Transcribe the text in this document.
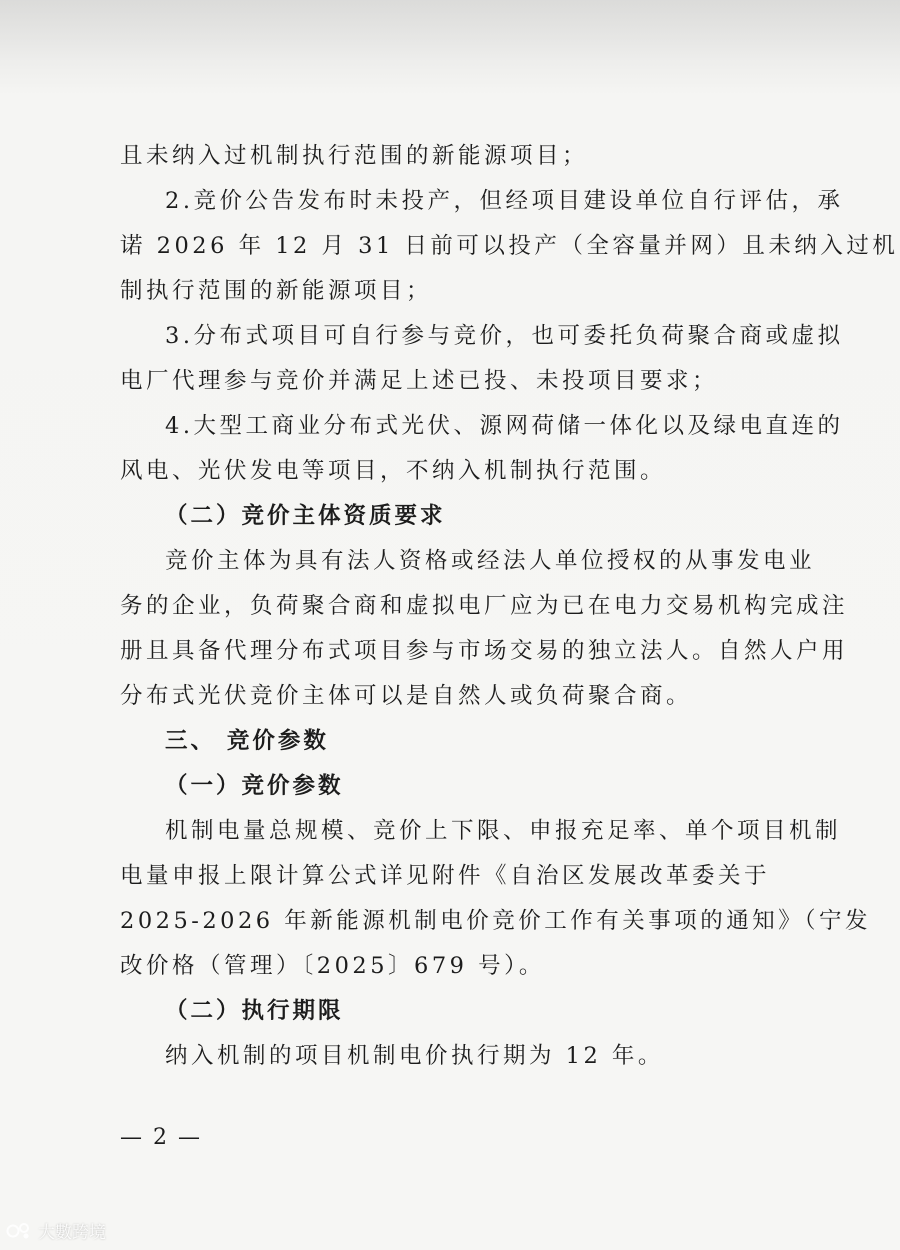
且未纳入过机制执行范围的新能源项目；
2.竞价公告发布时未投产，但经项目建设单位自行评估，承
诺 2026 年 12 月 31 日前可以投产（全容量并网）且未纳入过机
制执行范围的新能源项目；
3.分布式项目可自行参与竞价，也可委托负荷聚合商或虚拟
电厂代理参与竞价并满足上述已投、未投项目要求；
4.大型工商业分布式光伏、源网荷储一体化以及绿电直连的
风电、光伏发电等项目，不纳入机制执行范围。
（二）竞价主体资质要求
竞价主体为具有法人资格或经法人单位授权的从事发电业
务的企业，负荷聚合商和虚拟电厂应为已在电力交易机构完成注
册且具备代理分布式项目参与市场交易的独立法人。自然人户用
分布式光伏竞价主体可以是自然人或负荷聚合商。
三、 竞价参数
（一）竞价参数
机制电量总规模、竞价上下限、申报充足率、单个项目机制
电量申报上限计算公式详见附件《自治区发展改革委关于
2025-2026 年新能源机制电价竞价工作有关事项的通知》（宁发
改价格（管理）〔2025〕679 号）。
（二）执行期限
纳入机制的项目机制电价执行期为 12 年。
— 2 —
大數跨境
